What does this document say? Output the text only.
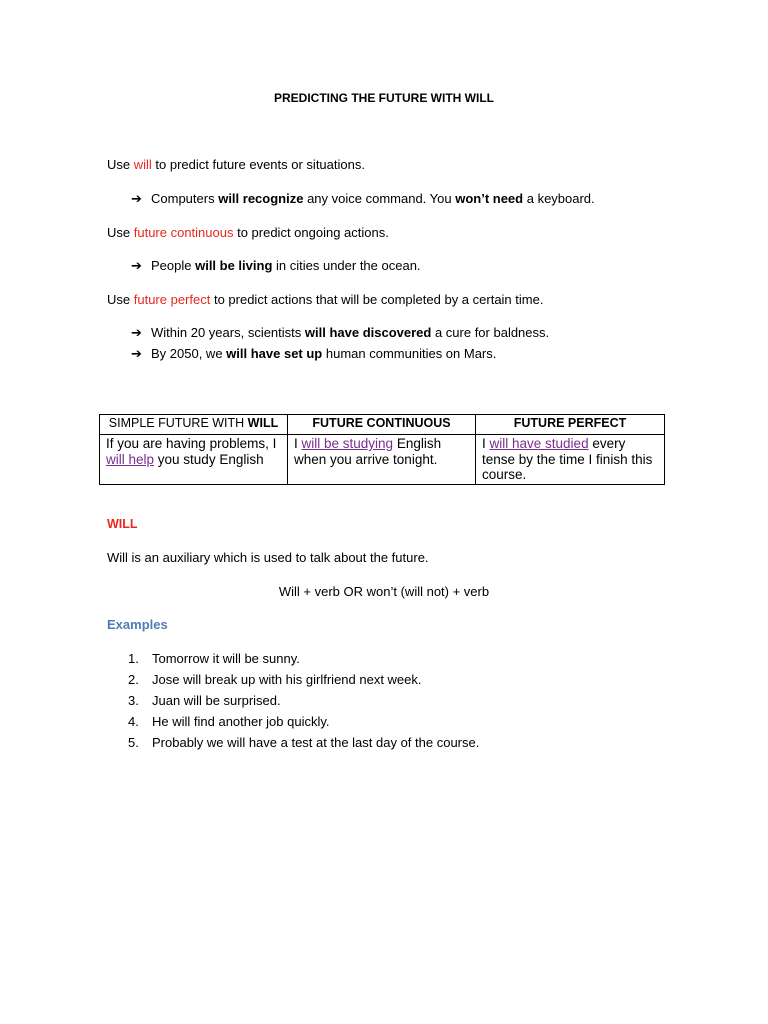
PREDICTING THE FUTURE WITH WILL
Use will to predict future events or situations.
➔ Computers will recognize any voice command. You won’t need a keyboard.
Use future continuous to predict ongoing actions.
➔ People will be living in cities under the ocean.
Use future perfect to predict actions that will be completed by a certain time.
➔ Within 20 years, scientists will have discovered a cure for baldness.
➔ By 2050, we will have set up human communities on Mars.
SIMPLE FUTURE WITH WILL	FUTURE CONTINUOUS	FUTURE PERFECT
If you are having problems, I will help you study English	I will be studying English when you arrive tonight.	I will have studied every tense by the time I finish this course.
WILL
Will is an auxiliary which is used to talk about the future.
Will + verb OR won’t (will not) + verb
Examples
1. Tomorrow it will be sunny.
2. Jose will break up with his girlfriend next week.
3. Juan will be surprised.
4. He will find another job quickly.
5. Probably we will have a test at the last day of the course.
